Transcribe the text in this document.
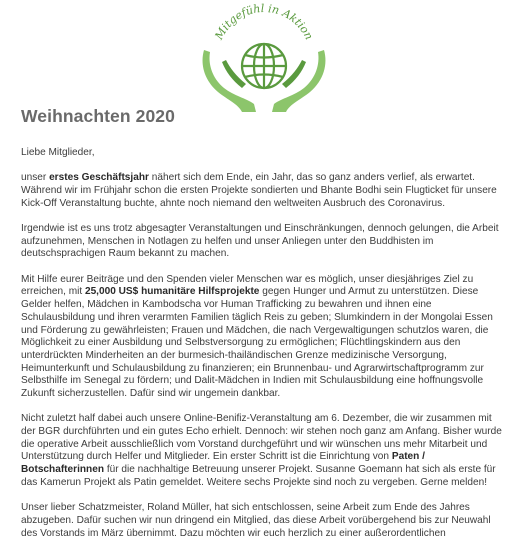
Mitgefühl in Aktion
Weihnachten 2020

Liebe Mitglieder,

unser erstes Geschäftsjahr nähert sich dem Ende, ein Jahr, das so ganz anders verlief, als erwartet. Während wir im Frühjahr schon die ersten Projekte sondierten und Bhante Bodhi sein Flugticket für unsere Kick-Off Veranstaltung buchte, ahnte noch niemand den weltweiten Ausbruch des Coronavirus.

Irgendwie ist es uns trotz abgesagter Veranstaltungen und Einschränkungen, dennoch gelungen, die Arbeit aufzunehmen, Menschen in Notlagen zu helfen und unser Anliegen unter den Buddhisten im deutschsprachigen Raum bekannt zu machen.

Mit Hilfe eurer Beiträge und den Spenden vieler Menschen war es möglich, unser diesjähriges Ziel zu erreichen, mit 25,000 US$ humanitäre Hilfsprojekte gegen Hunger und Armut zu unterstützen. Diese Gelder helfen, Mädchen in Kambodscha vor Human Trafficking zu bewahren und ihnen eine Schulausbildung und ihren verarmten Familien täglich Reis zu geben; Slumkindern in der Mongolai Essen und Förderung zu gewährleisten; Frauen und Mädchen, die nach Vergewaltigungen schutzlos waren, die Möglichkeit zu einer Ausbildung und Selbstversorgung zu ermöglichen; Flüchtlingskindern aus den unterdrückten Minderheiten an der burmesich-thailändischen Grenze medizinische Versorgung, Heimunterkunft und Schulausbildung zu finanzieren; ein Brunnenbau- und Agrarwirtschaftprogramm zur Selbsthilfe im Senegal zu fördern; und Dalit-Mädchen in Indien mit Schulausbildung eine hoffnungsvolle Zukunft sicherzustellen. Dafür sind wir ungemein dankbar.

Nicht zuletzt half dabei auch unsere Online-Benifiz-Veranstaltung am 6. Dezember, die wir zusammen mit der BGR durchführten und ein gutes Echo erhielt. Dennoch: wir stehen noch ganz am Anfang. Bisher wurde die operative Arbeit ausschließlich vom Vorstand durchgeführt und wir wünschen uns mehr Mitarbeit und Unterstützung durch Helfer und Mitglieder. Ein erster Schritt ist die Einrichtung von Paten / Botschafterinnen für die nachhaltige Betreuung unserer Projekt. Susanne Goemann hat sich als erste für das Kamerun Projekt als Patin gemeldet. Weitere sechs Projekte sind noch zu vergeben. Gerne melden!

Unser lieber Schatzmeister, Roland Müller, hat sich entschlossen, seine Arbeit zum Ende des Jahres abzugeben. Dafür suchen wir nun dringend ein Mitglied, das diese Arbeit vorübergehend bis zur Neuwahl des Vorstands im März übernimmt. Dazu möchten wir euch herzlich zu einer außerordentlichen
